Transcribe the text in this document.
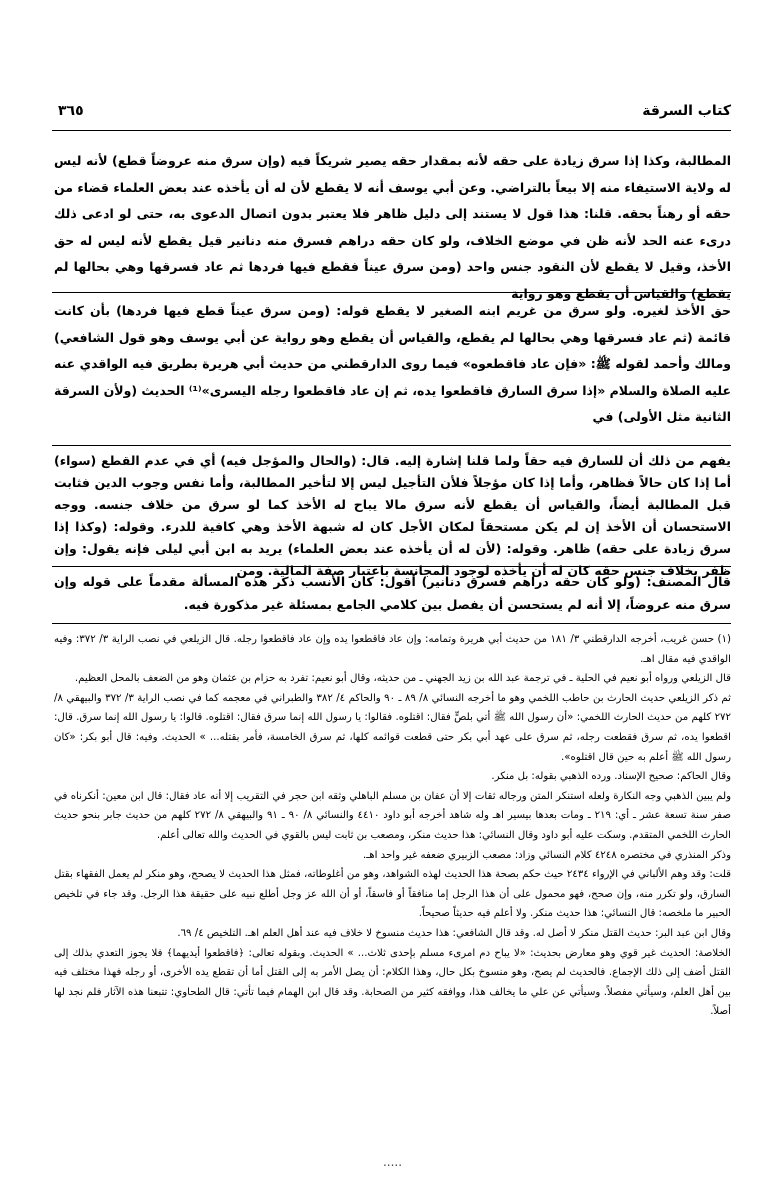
كتاب السرقة
٣٦٥

المطالبة، وكذا إذا سرق زيادة على حقه لأنه بمقدار حقه يصير شريكاً فيه (وإن سرق منه عروضاً قطع) لأنه ليس له ولاية الاستيفاء منه إلا بيعاً بالتراضي. وعن أبي يوسف أنه لا يقطع لأن له أن يأخذه عند بعض العلماء قضاء من حقه أو رهناً بحقه. قلنا: هذا قول لا يستند إلى دليل ظاهر فلا يعتبر بدون اتصال الدعوى به، حتى لو ادعى ذلك درىء عنه الحد لأنه ظن في موضع الخلاف، ولو كان حقه دراهم فسرق منه دنانير قيل يقطع لأنه ليس له حق الأخذ، وقيل لا يقطع لأن النقود جنس واحد (ومن سرق عيناً فقطع فيها فردها ثم عاد فسرقها وهي بحالها لم يقطع) والقياس أن يقطع وهو رواية

حق الأخذ لغيره. ولو سرق من غريم ابنه الصغير لا يقطع قوله: (ومن سرق عيناً قطع فيها فردها) بأن كانت قائمة (ثم عاد فسرقها وهي بحالها لم يقطع، والقياس أن يقطع وهو رواية عن أبي يوسف وهو قول الشافعي) ومالك وأحمد لقوله ﷺ: «فإن عاد فاقطعوه» فيما روى الدارقطني من حديث أبي هريرة بطريق فيه الواقدي عنه عليه الصلاة والسلام «إذا سرق السارق فاقطعوا يده، ثم إن عاد فاقطعوا رجله اليسرى»⁽¹⁾ الحديث (ولأن السرقة الثانية مثل الأولى) في

يفهم من ذلك أن للسارق فيه حقاً ولما قلنا إشارة إليه. قال: (والحال والمؤجل فيه) أي في عدم القطع (سواء) أما إذا كان حالاً فظاهر، وأما إذا كان مؤجلاً فلأن التأجيل ليس إلا لتأخير المطالبة، وأما نفس وجوب الدين فثابت قبل المطالبة أيضاً، والقياس أن يقطع لأنه سرق مالا يباح له الأخذ كما لو سرق من خلاف جنسه. ووجه الاستحسان أن الأخذ إن لم يكن مستحقاً لمكان الأجل كان له شبهة الأخذ وهي كافية للدرء. وقوله: (وكذا إذا سرق زيادة على حقه) ظاهر. وقوله: (لأن له أن يأخذه عند بعض العلماء) يريد به ابن أبي ليلى فإنه يقول: وإن ظفر بخلاف جنس حقه كان له أن يأخذه لوجود المجانسة باعتبار صفة المالية. ومن

قال المصنف: (ولو كان حقه دراهم فسرق دنانير) أقول: كان الأنسب ذكر هذه المسألة مقدماً على قوله وإن سرق منه عروضاً، إلا أنه لم يستحسن أن يفصل بين كلامي الجامع بمسئلة غير مذكورة فيه.

(١) حسن غريب، أخرجه الدارقطني ٣/ ١٨١ من حديث أبي هريرة وتمامه: وإن عاد فاقطعوا يده وإن عاد فاقطعوا رجله. قال الزيلعي في نصب الراية ٣/ ٣٧٢: وفيه الواقدي فيه مقال اهـ.

قال الزيلعي ورواه أبو نعيم في الحلية ـ في ترجمة عبد الله بن زيد الجهني ـ من حديثه، وقال أبو نعيم: تفرد به حزام بن عثمان وهو من الضعف بالمحل العظيم.

ثم ذكر الزيلعي حديث الحارث بن حاطب اللخمي وهو ما أخرجه النسائي ٨/ ٨٩ ـ ٩٠ والحاكم ٤/ ٣٨٢ والطبراني في معجمه كما في نصب الراية ٣/ ٣٧٢ والبيهقي ٨/ ٢٧٢ كلهم من حديث الحارث اللخمي: «أن رسول الله ﷺ أتي بلصٍّ فقال: اقتلوه. فقالوا: يا رسول الله إنما سرق فقال: اقتلوه. قالوا: يا رسول الله إنما سرق. قال: اقطعوا يده، ثم سرق فقطعت رجله، ثم سرق على عهد أبي بكر حتى قطعت قوائمه كلها، ثم سرق الخامسة، فأمر بقتله... » الحديث. وفيه: قال أبو بكر: «كان رسول الله ﷺ أعلم به حين قال اقتلوه».

وقال الحاكم: صحيح الإسناد. ورده الذهبي بقوله: بل منكر.

ولم يبين الذهبي وجه النكارة ولعله استنكر المتن ورجاله ثقات إلا أن عفان بن مسلم الباهلي وثقه ابن حجر في التقريب إلا أنه عاد فقال: قال ابن معين: أنكرناه في صفر سنة تسعة عشر ـ أي: ٢١٩ ـ ومات بعدها بيسير اهـ وله شاهد أخرجه أبو داود ٤٤١٠ والنسائي ٨/ ٩٠ ـ ٩١ والبيهقي ٨/ ٢٧٢ كلهم من حديث جابر بنحو حديث الحارث اللخمي المتقدم. وسكت عليه أبو داود وقال النسائي: هذا حديث منكر، ومصعب بن ثابت ليس بالقوي في الحديث والله تعالى أعلم.

وذكر المنذري في مختصره ٤٢٤٨ كلام النسائي وزاد: مصعب الزبيري ضعفه غير واحد اهـ.

قلت: وقد وهم الألباني في الإرواء ٢٤٣٤ حيث حكم بصحة هذا الحديث لهذه الشواهد، وهو من أغلوطاته، فمثل هذا الحديث لا يصحح، وهو منكر لم يعمل الفقهاء بقتل السارق، ولو تكرر منه، وإن صحح، فهو محمول على أن هذا الرجل إما منافقاً أو فاسقاً، أو أن الله عز وجل أطلع نبيه على حقيقة هذا الرجل. وقد جاء في تلخيص الحبير ما ملخصه: قال النسائي: هذا حديث منكر. ولا أعلم فيه حديثاً صحيحاً.

وقال ابن عبد البر: حديث القتل منكر لا أصل له. وقد قال الشافعي: هذا حديث منسوخ لا خلاف فيه عند أهل العلم اهـ. التلخيص ٤/ ٦٩.

الخلاصة: الحديث غير قوي وهو معارض بحديث: «لا يباح دم امرىء مسلم بإحدى ثلاث... » الحديث. وبقوله تعالى: ﴿فاقطعوا أيديهما﴾ فلا يجوز التعدي بذلك إلى القتل أضف إلى ذلك الإجماع. فالحديث لم يصح، وهو منسوخ بكل حال، وهذا الكلام: أن يصل الأمر به إلى القتل أما أن تقطع يده الأخرى، أو رجله فهذا مختلف فيه بين أهل العلم، وسيأتي مفصلاً. وسيأتي عن علي ما يخالف هذا، ووافقه كثير من الصحابة. وقد قال ابن الهمام فيما تأتي: قال الطحاوي: تتبعنا هذه الآثار فلم نجد لها أصلاً.

.....
